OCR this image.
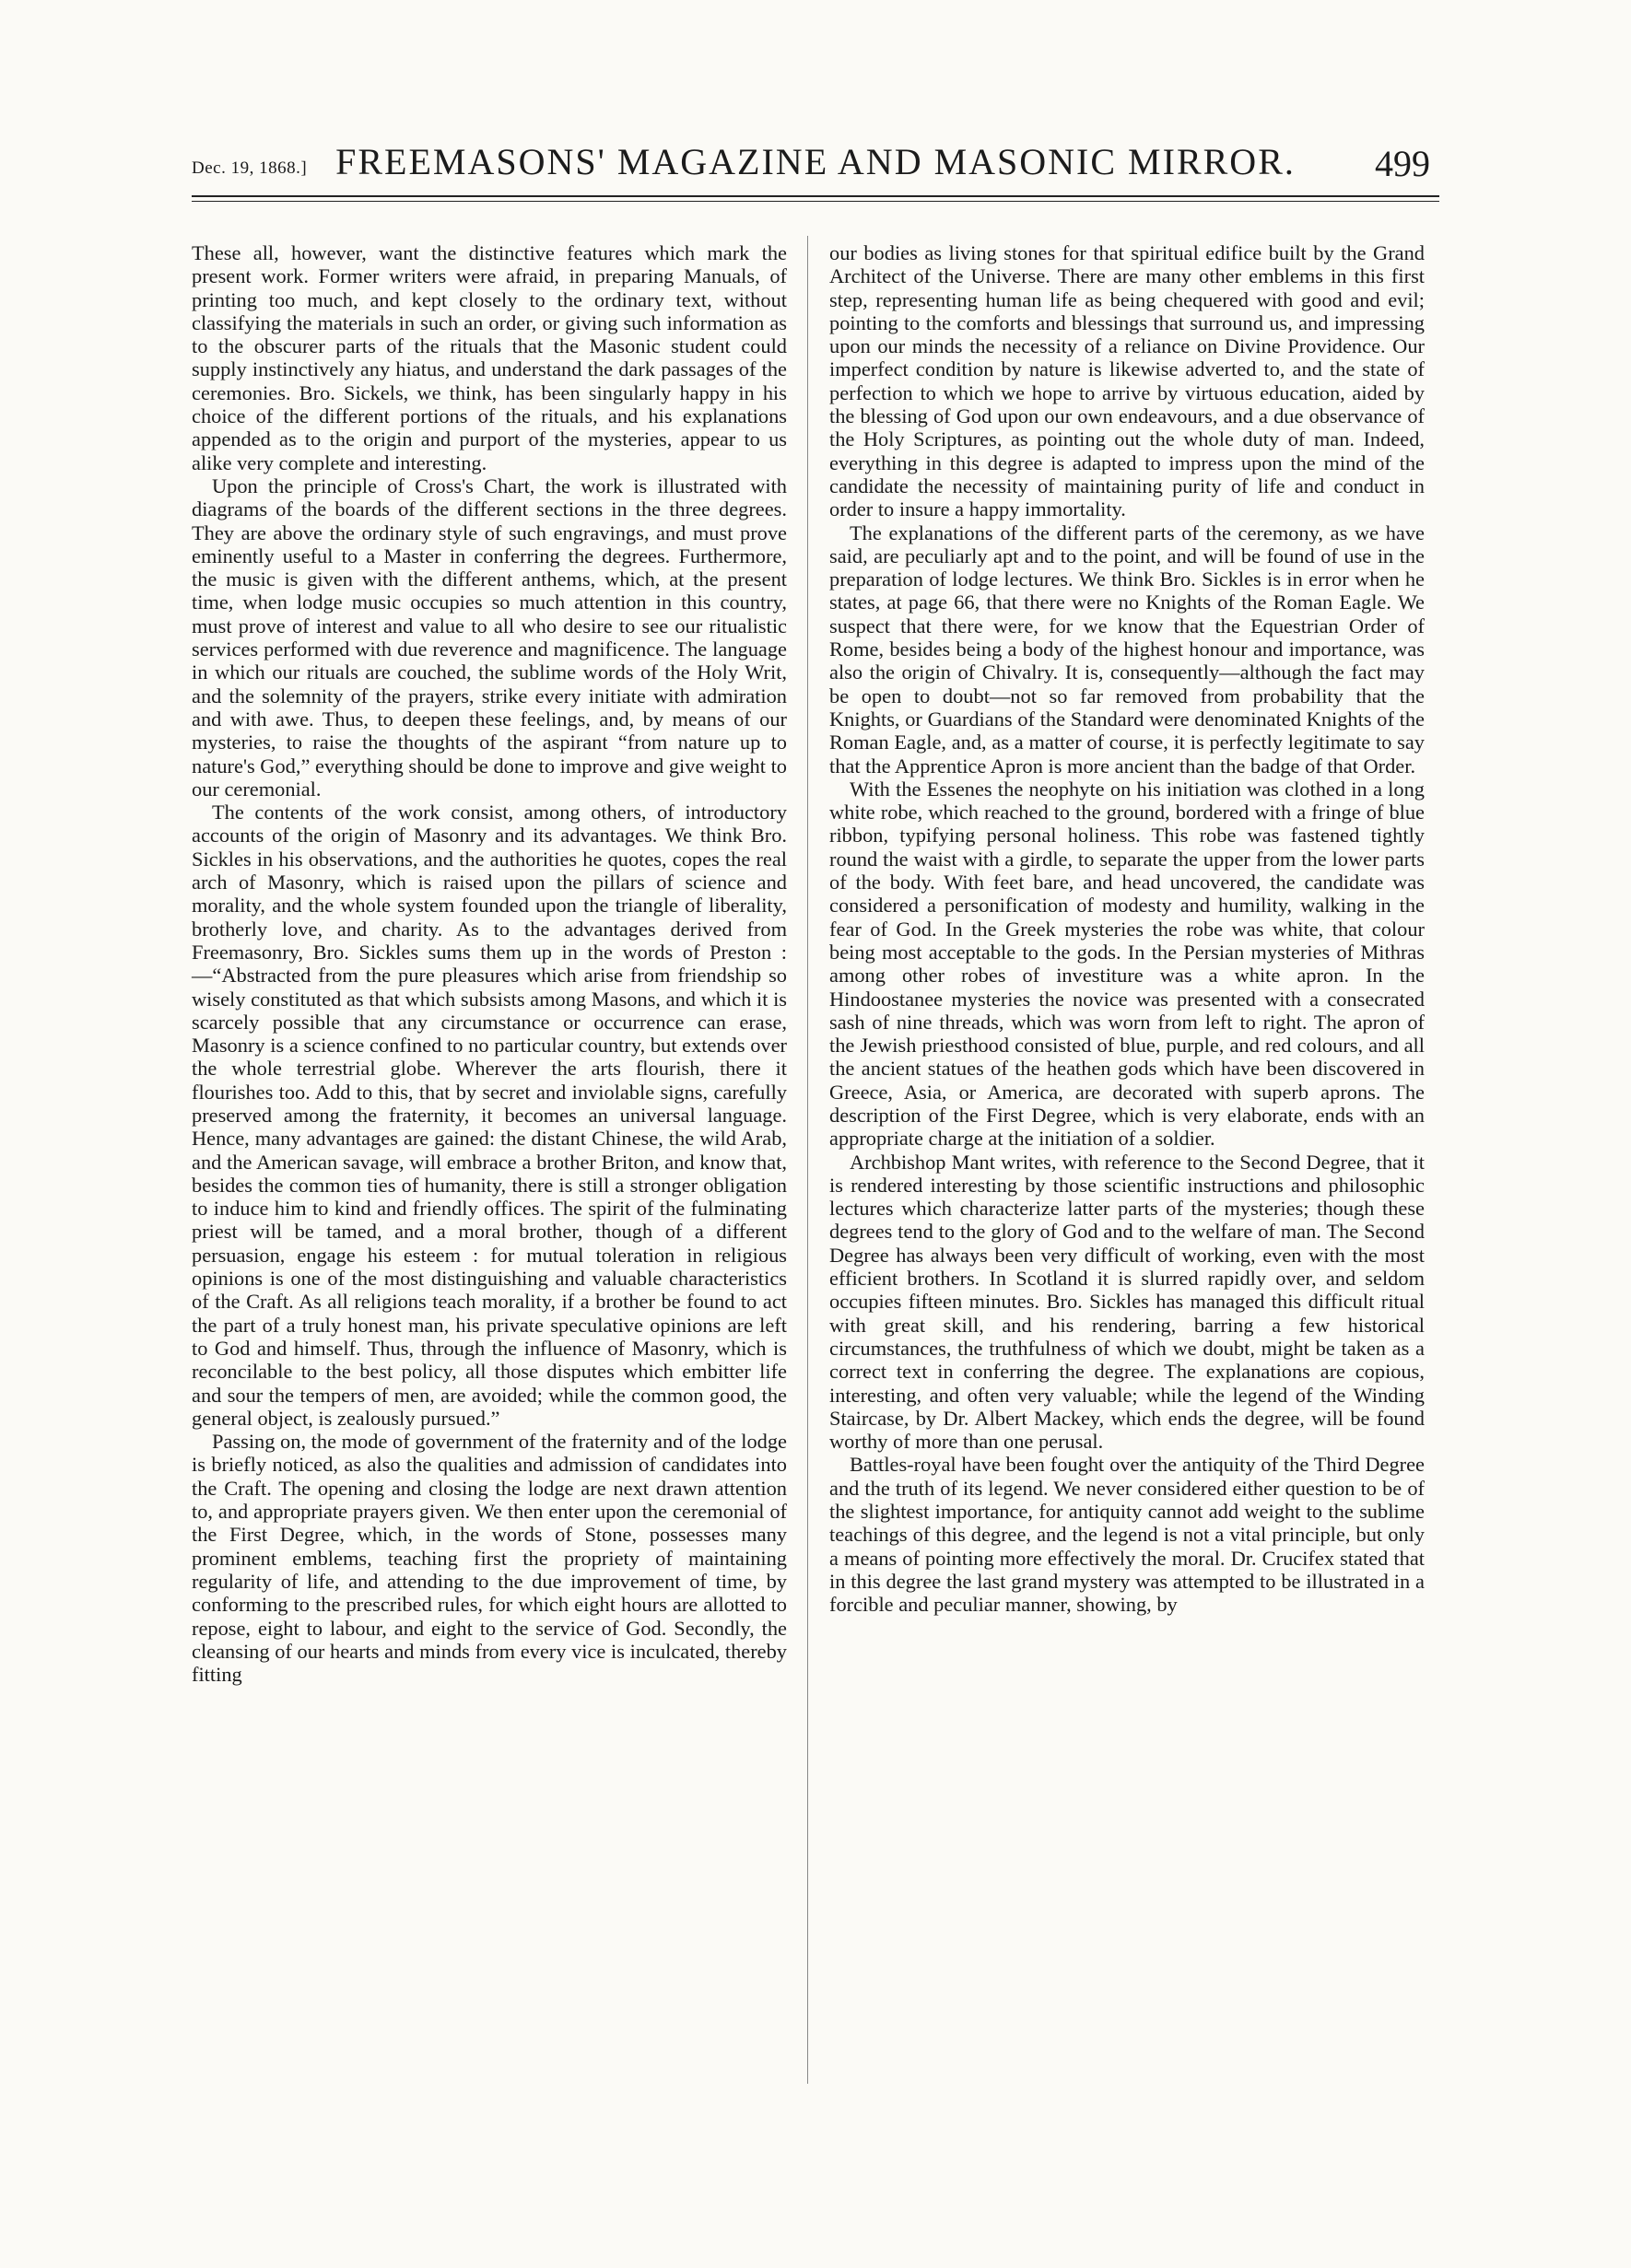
Dec. 19, 1868.] FREEMASONS' MAGAZINE AND MASONIC MIRROR.	499

These all, however, want the distinctive features which mark the present work. Former writers were afraid, in preparing Manuals, of printing too much, and kept closely to the ordinary text, without classifying the materials in such an order, or giving such information as to the obscurer parts of the rituals that the Masonic student could supply instinctively any hiatus, and understand the dark passages of the ceremonies. Bro. Sickels, we think, has been singularly happy in his choice of the different portions of the rituals, and his explanations appended as to the origin and purport of the mysteries, appear to us alike very complete and interesting.

Upon the principle of Cross's Chart, the work is illustrated with diagrams of the boards of the different sections in the three degrees. They are above the ordinary style of such engravings, and must prove eminently useful to a Master in conferring the degrees. Furthermore, the music is given with the different anthems, which, at the present time, when lodge music occupies so much attention in this country, must prove of interest and value to all who desire to see our ritualistic services performed with due reverence and magnificence. The language in which our rituals are couched, the sublime words of the Holy Writ, and the solemnity of the prayers, strike every initiate with admiration and with awe. Thus, to deepen these feelings, and, by means of our mysteries, to raise the thoughts of the aspirant “from nature up to nature's God,” everything should be done to improve and give weight to our ceremonial.

The contents of the work consist, among others, of introductory accounts of the origin of Masonry and its advantages. We think Bro. Sickles in his observations, and the authorities he quotes, copes the real arch of Masonry, which is raised upon the pillars of science and morality, and the whole system founded upon the triangle of liberality, brotherly love, and charity. As to the advantages derived from Freemasonry, Bro. Sickles sums them up in the words of Preston :—“Abstracted from the pure pleasures which arise from friendship so wisely constituted as that which subsists among Masons, and which it is scarcely possible that any circumstance or occurrence can erase, Masonry is a science confined to no particular country, but extends over the whole terrestrial globe. Wherever the arts flourish, there it flourishes too. Add to this, that by secret and inviolable signs, carefully preserved among the fraternity, it becomes an universal language. Hence, many advantages are gained: the distant Chinese, the wild Arab, and the American savage, will embrace a brother Briton, and know that, besides the common ties of humanity, there is still a stronger obligation to induce him to kind and friendly offices. The spirit of the fulminating priest will be tamed, and a moral brother, though of a different persuasion, engage his esteem : for mutual toleration in religious opinions is one of the most distinguishing and valuable characteristics of the Craft. As all religions teach morality, if a brother be found to act the part of a truly honest man, his private speculative opinions are left to God and himself. Thus, through the influence of Masonry, which is reconcilable to the best policy, all those disputes which embitter life and sour the tempers of men, are avoided; while the common good, the general object, is zealously pursued.”

Passing on, the mode of government of the fraternity and of the lodge is briefly noticed, as also the qualities and admission of candidates into the Craft. The opening and closing the lodge are next drawn attention to, and appropriate prayers given. We then enter upon the ceremonial of the First Degree, which, in the words of Stone, possesses many prominent emblems, teaching first the propriety of maintaining regularity of life, and attending to the due improvement of time, by conforming to the prescribed rules, for which eight hours are allotted to repose, eight to labour, and eight to the service of God. Secondly, the cleansing of our hearts and minds from every vice is inculcated, thereby fitting

our bodies as living stones for that spiritual edifice built by the Grand Architect of the Universe. There are many other emblems in this first step, representing human life as being chequered with good and evil; pointing to the comforts and blessings that surround us, and impressing upon our minds the necessity of a reliance on Divine Providence. Our imperfect condition by nature is likewise adverted to, and the state of perfection to which we hope to arrive by virtuous education, aided by the blessing of God upon our own endeavours, and a due observance of the Holy Scriptures, as pointing out the whole duty of man. Indeed, everything in this degree is adapted to impress upon the mind of the candidate the necessity of maintaining purity of life and conduct in order to insure a happy immortality.

The explanations of the different parts of the ceremony, as we have said, are peculiarly apt and to the point, and will be found of use in the preparation of lodge lectures. We think Bro. Sickles is in error when he states, at page 66, that there were no Knights of the Roman Eagle. We suspect that there were, for we know that the Equestrian Order of Rome, besides being a body of the highest honour and importance, was also the origin of Chivalry. It is, consequently—although the fact may be open to doubt—not so far removed from probability that the Knights, or Guardians of the Standard were denominated Knights of the Roman Eagle, and, as a matter of course, it is perfectly legitimate to say that the Apprentice Apron is more ancient than the badge of that Order.

With the Essenes the neophyte on his initiation was clothed in a long white robe, which reached to the ground, bordered with a fringe of blue ribbon, typifying personal holiness. This robe was fastened tightly round the waist with a girdle, to separate the upper from the lower parts of the body. With feet bare, and head uncovered, the candidate was considered a personification of modesty and humility, walking in the fear of God. In the Greek mysteries the robe was white, that colour being most acceptable to the gods. In the Persian mysteries of Mithras among other robes of investiture was a white apron. In the Hindoostanee mysteries the novice was presented with a consecrated sash of nine threads, which was worn from left to right. The apron of the Jewish priesthood consisted of blue, purple, and red colours, and all the ancient statues of the heathen gods which have been discovered in Greece, Asia, or America, are decorated with superb aprons. The description of the First Degree, which is very elaborate, ends with an appropriate charge at the initiation of a soldier.

Archbishop Mant writes, with reference to the Second Degree, that it is rendered interesting by those scientific instructions and philosophic lectures which characterize latter parts of the mysteries; though these degrees tend to the glory of God and to the welfare of man. The Second Degree has always been very difficult of working, even with the most efficient brothers. In Scotland it is slurred rapidly over, and seldom occupies fifteen minutes. Bro. Sickles has managed this difficult ritual with great skill, and his rendering, barring a few historical circumstances, the truthfulness of which we doubt, might be taken as a correct text in conferring the degree. The explanations are copious, interesting, and often very valuable; while the legend of the Winding Staircase, by Dr. Albert Mackey, which ends the degree, will be found worthy of more than one perusal.

Battles-royal have been fought over the antiquity of the Third Degree and the truth of its legend. We never considered either question to be of the slightest importance, for antiquity cannot add weight to the sublime teachings of this degree, and the legend is not a vital principle, but only a means of pointing more effectively the moral. Dr. Crucifex stated that in this degree the last grand mystery was attempted to be illustrated in a forcible and peculiar manner, showing, by
